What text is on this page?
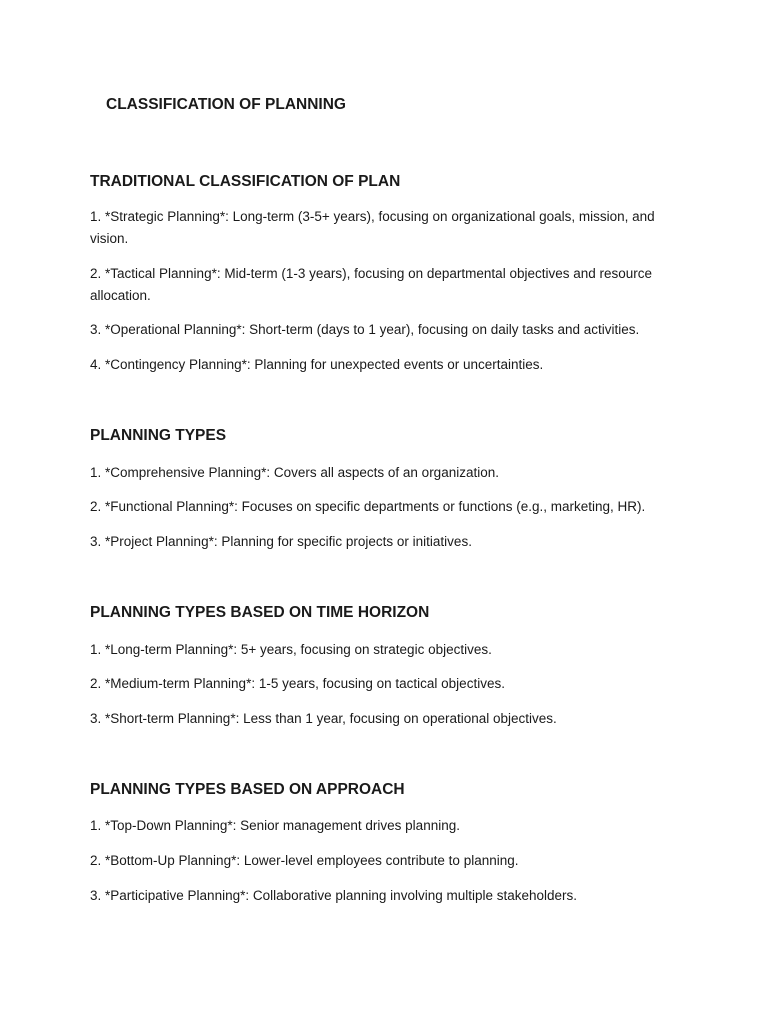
CLASSIFICATION OF PLANNING
TRADITIONAL CLASSIFICATION OF PLAN

1. *Strategic Planning*: Long-term (3-5+ years), focusing on organizational goals, mission, and vision.

2. *Tactical Planning*: Mid-term (1-3 years), focusing on departmental objectives and resource allocation.

3. *Operational Planning*: Short-term (days to 1 year), focusing on daily tasks and activities.

4. *Contingency Planning*: Planning for unexpected events or uncertainties.

PLANNING TYPES

1. *Comprehensive Planning*: Covers all aspects of an organization.

2. *Functional Planning*: Focuses on specific departments or functions (e.g., marketing, HR).

3. *Project Planning*: Planning for specific projects or initiatives.

PLANNING TYPES BASED ON TIME HORIZON

1. *Long-term Planning*: 5+ years, focusing on strategic objectives.

2. *Medium-term Planning*: 1-5 years, focusing on tactical objectives.

3. *Short-term Planning*: Less than 1 year, focusing on operational objectives.

PLANNING TYPES BASED ON APPROACH

1. *Top-Down Planning*: Senior management drives planning.

2. *Bottom-Up Planning*: Lower-level employees contribute to planning.

3. *Participative Planning*: Collaborative planning involving multiple stakeholders.
